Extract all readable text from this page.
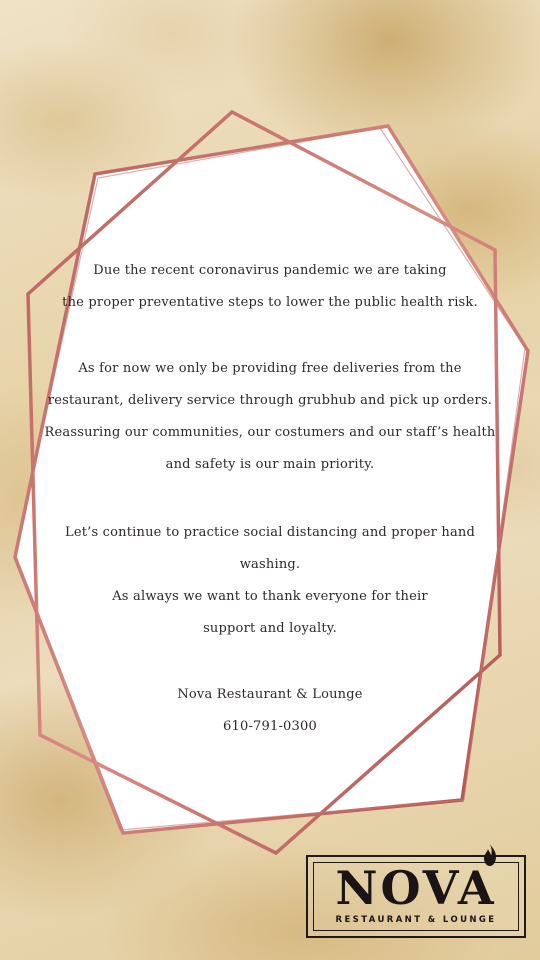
Due the recent coronavirus pandemic we are taking

the proper preventative steps to lower the public health risk.

As for now we only be providing free deliveries from the

restaurant, delivery service through grubhub and pick up orders.

Reassuring our communities, our costumers and our staff’s health

and safety is our main priority.

Let’s continue to practice social distancing and proper hand

washing.

As always we want to thank everyone for their

support and loyalty.

Nova Restaurant & Lounge

610-791-0300

NOVA
RESTAURANT & LOUNGE
